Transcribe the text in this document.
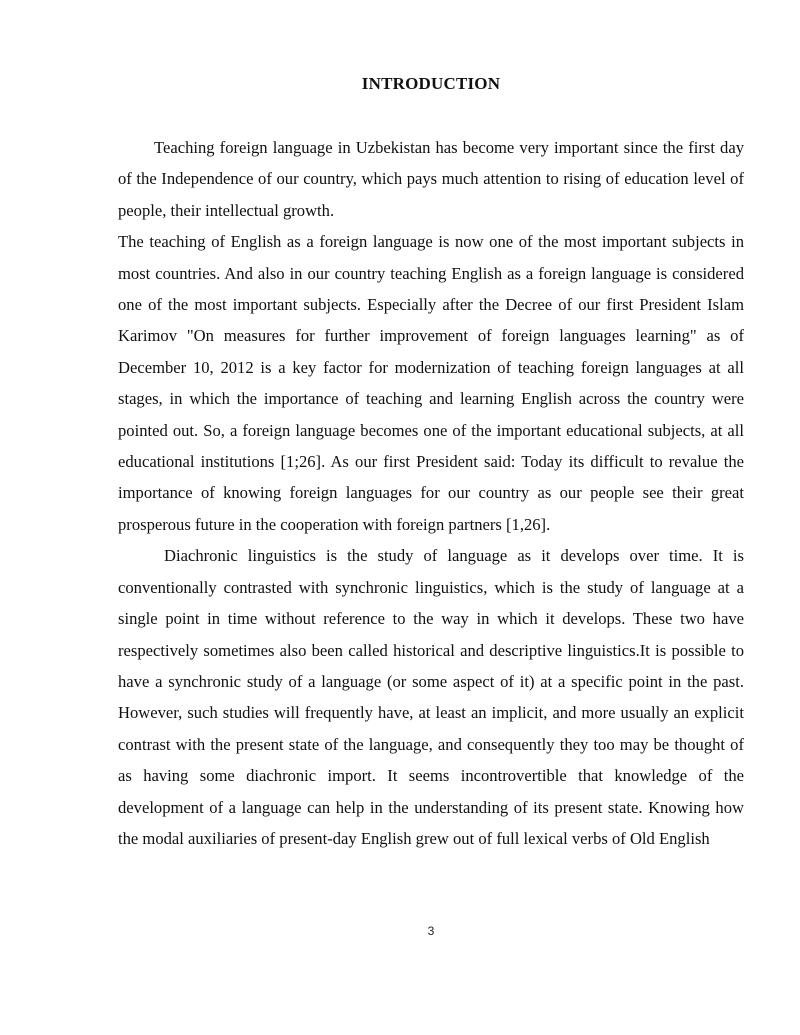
INTRODUCTION

Teaching foreign language in Uzbekistan has become very important since the first day of the Independence of our country, which pays much attention to rising of education level of people, their intellectual growth.

The teaching of English as a foreign language is now one of the most important subjects in most countries. And also in our country teaching English as a foreign language is considered one of the most important subjects. Especially after the Decree of our first President Islam Karimov "On measures for further improvement of foreign languages learning" as of December 10, 2012 is a key factor for modernization of teaching foreign languages at all stages, in which the importance of teaching and learning English across the country were pointed out. So, a foreign language becomes one of the important educational subjects, at all educational institutions [1;26]. As our first President said: Today its difficult to revalue the importance of knowing foreign languages for our country as our people see their great prosperous future in the cooperation with foreign partners [1,26].

Diachronic linguistics is the study of language as it develops over time. It is conventionally contrasted with synchronic linguistics, which is the study of language at a single point in time without reference to the way in which it develops. These two have respectively sometimes also been called historical and descriptive linguistics.It is possible to have a synchronic study of a language (or some aspect of it) at a specific point in the past. However, such studies will frequently have, at least an implicit, and more usually an explicit contrast with the present state of the language, and consequently they too may be thought of as having some diachronic import. It seems incontrovertible that knowledge of the development of a language can help in the understanding of its present state. Knowing how the modal auxiliaries of present-day English grew out of full lexical verbs of Old English

3
